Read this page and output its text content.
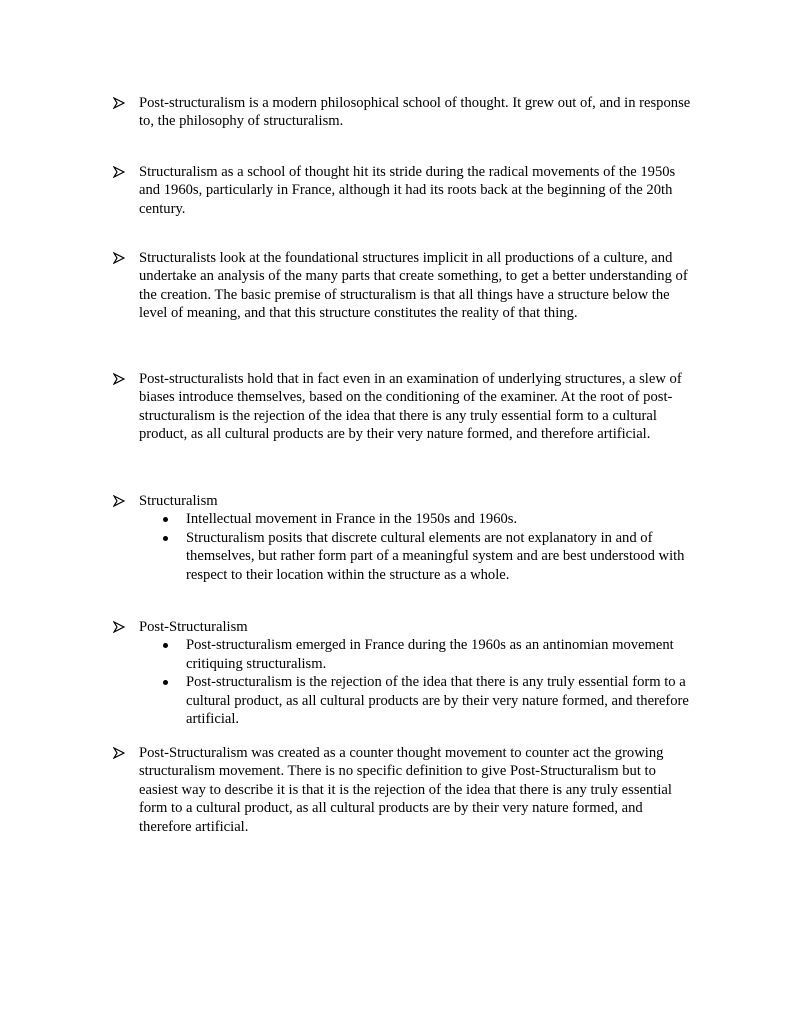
Post-structuralism is a modern philosophical school of thought. It grew out of, and in response to, the philosophy of structuralism.
Structuralism as a school of thought hit its stride during the radical movements of the 1950s and 1960s, particularly in France, although it had its roots back at the beginning of the 20th century.
Structuralists look at the foundational structures implicit in all productions of a culture, and undertake an analysis of the many parts that create something, to get a better understanding of the creation. The basic premise of structuralism is that all things have a structure below the level of meaning, and that this structure constitutes the reality of that thing.
Post-structuralists hold that in fact even in an examination of underlying structures, a slew of biases introduce themselves, based on the conditioning of the examiner. At the root of post-structuralism is the rejection of the idea that there is any truly essential form to a cultural product, as all cultural products are by their very nature formed, and therefore artificial.
Structuralism
Intellectual movement in France in the 1950s and 1960s.
Structuralism posits that discrete cultural elements are not explanatory in and of themselves, but rather form part of a meaningful system and are best understood with respect to their location within the structure as a whole.
Post-Structuralism
Post-structuralism emerged in France during the 1960s as an antinomian movement critiquing structuralism.
Post-structuralism is the rejection of the idea that there is any truly essential form to a cultural product, as all cultural products are by their very nature formed, and therefore artificial.
Post-Structuralism was created as a counter thought movement to counter act the growing structuralism movement. There is no specific definition to give Post-Structuralism but to easiest way to describe it is that it is the rejection of the idea that there is any truly essential form to a cultural product, as all cultural products are by their very nature formed, and therefore artificial.
